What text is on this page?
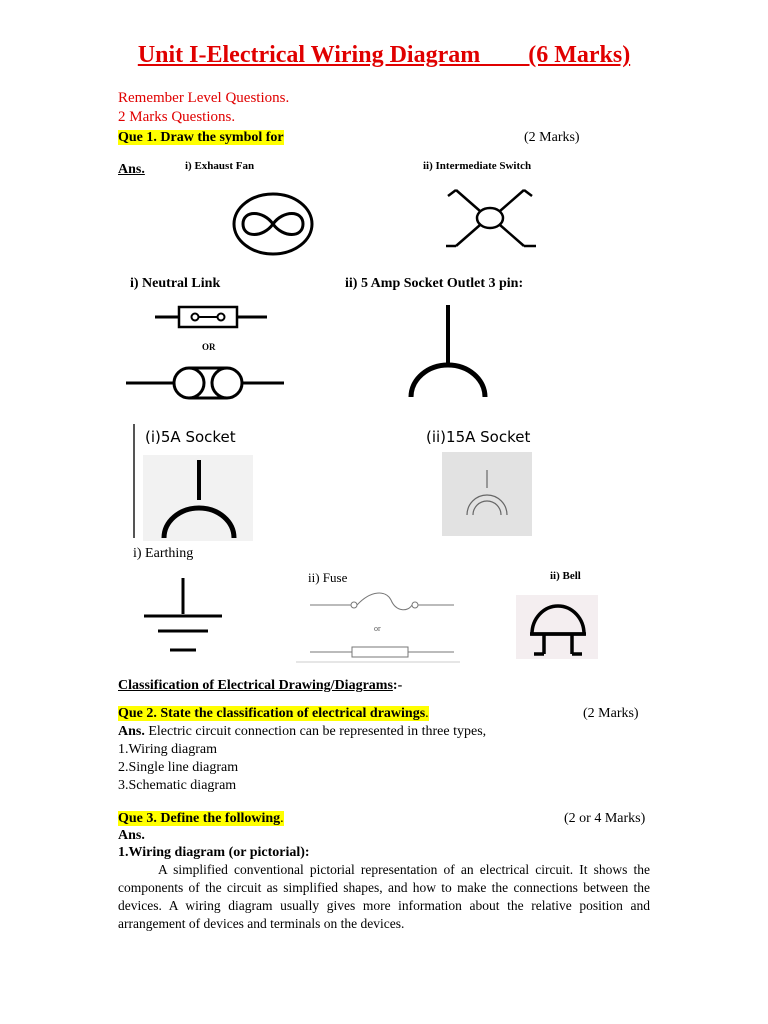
Unit I-Electrical Wiring Diagram        (6 Marks)
Remember Level Questions.
2 Marks Questions.
Que 1. Draw the symbol for	(2 Marks)
Ans.	i) Exhaust Fan	ii) Intermediate Switch
i) Neutral Link
OR
ii) 5 Amp Socket Outlet 3 pin:
(i)5A Socket	(ii)15A Socket
i) Earthing
ii) Fuse
or
ii) Bell
Classification of Electrical Drawing/Diagrams:-
Que 2. State the classification of electrical drawings.	(2 Marks)
Ans. Electric circuit connection can be represented in three types,
1.Wiring diagram
2.Single line diagram
3.Schematic diagram
Que 3. Define the following.	(2 or 4 Marks)
Ans.
1.Wiring diagram (or pictorial):
A simplified conventional pictorial representation of an electrical circuit. It shows the components of the circuit as simplified shapes, and how to make the connections between the devices. A wiring diagram usually gives more information about the relative position and arrangement of devices and terminals on the devices.
